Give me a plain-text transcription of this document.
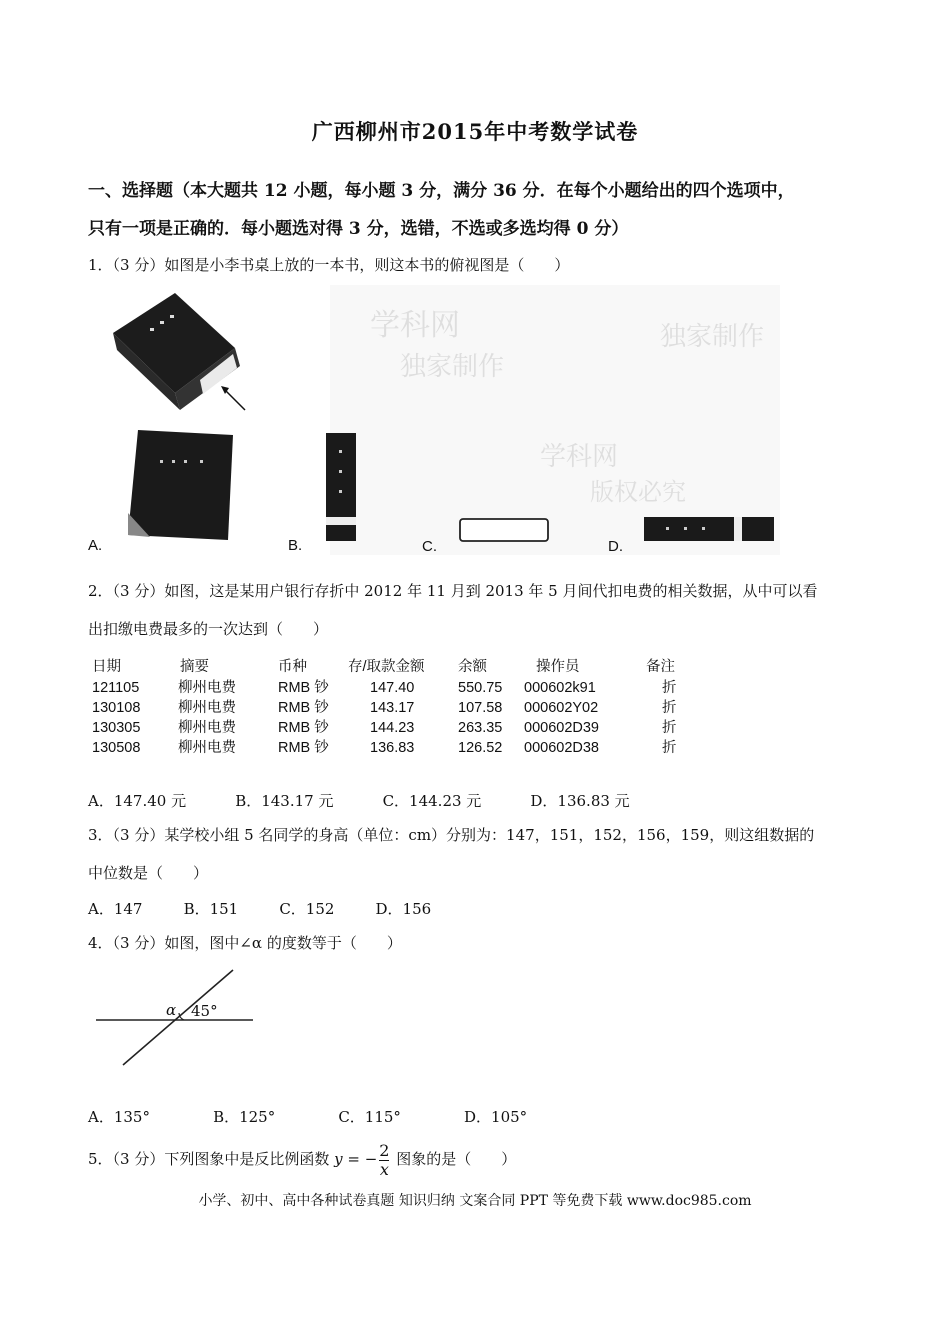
广西柳州市2015年中考数学试卷
一、选择题（本大题共 12 小题，每小题 3 分，满分 36 分．在每个小题给出的四个选项中，
只有一项是正确的．每小题选对得 3 分，选错，不选或多选均得 0 分）
1．（3 分）如图是小李书桌上放的一本书，则这本书的俯视图是（　　）
学科网
独家制作
学科网
版权必究
独家制作
A.	B.	C.	D.
2．（3 分）如图，这是某用户银行存折中 2012 年 11 月到 2013 年 5 月间代扣电费的相关数据，从中可以看
出扣缴电费最多的一次达到（　　）
日期	摘要	币种	存/取款金额	余额	操作员	备注
121105	柳州电费	RMB 钞	147.40	550.75	000602k91	折
130108	柳州电费	RMB 钞	143.17	107.58	000602Y02	折
130305	柳州电费	RMB 钞	144.23	263.35	000602D39	折
130508	柳州电费	RMB 钞	136.83	126.52	000602D38	折
A．147.40 元	B．143.17 元	C．144.23 元	D．136.83 元
3．（3 分）某学校小组 5 名同学的身高（单位：cm）分别为：147，151，152，156，159，则这组数据的
中位数是（　　）
A．147	B．151	C．152	D．156
4．（3 分）如图，图中∠α 的度数等于（　　）
α 45°
A．135°	B．125°	C．115°	D．105°
5．（3 分）下列图象中是反比例函数 y = − $\frac{2}{x}$ 图象的是（　　）
小学、初中、高中各种试卷真题 知识归纳 文案合同 PPT 等免费下载 www.doc985.com
